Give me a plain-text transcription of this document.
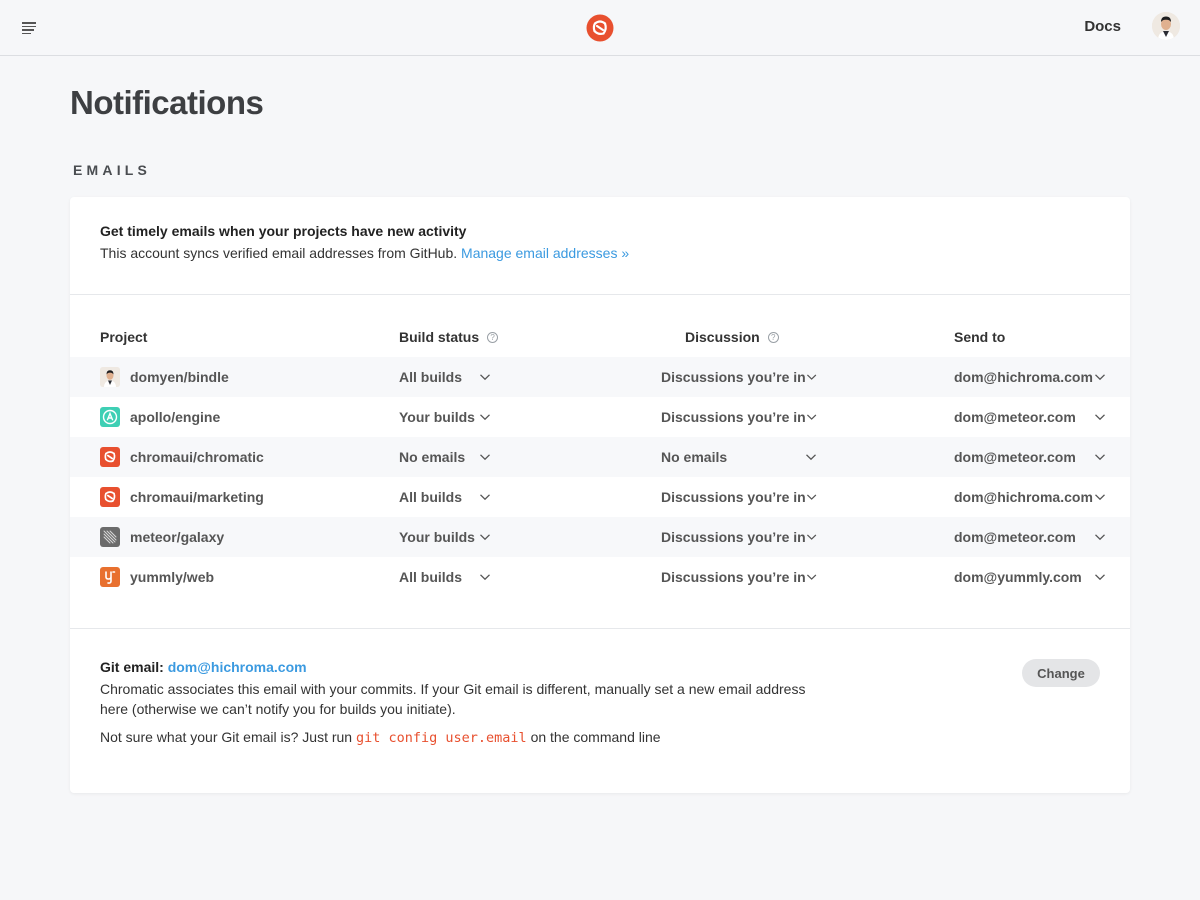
Docs
Notifications
EMAILS
Get timely emails when your projects have new activity
This account syncs verified email addresses from GitHub. Manage email addresses »
Project	Build status	?	Discussion	?	Send to
domyen/bindle	All builds	Discussions you’re in	dom@hichroma.com
apollo/engine	Your builds	Discussions you’re in	dom@meteor.com
chromaui/chromatic	No emails	No emails	dom@meteor.com
chromaui/marketing	All builds	Discussions you’re in	dom@hichroma.com
meteor/galaxy	Your builds	Discussions you’re in	dom@meteor.com
yummly/web	All builds	Discussions you’re in	dom@yummly.com
Git email: dom@hichroma.com
Chromatic associates this email with your commits. If your Git email is different, manually set a new email address here (otherwise we can’t notify you for builds you initiate).
Not sure what your Git email is? Just run git config user.email on the command line
Change
